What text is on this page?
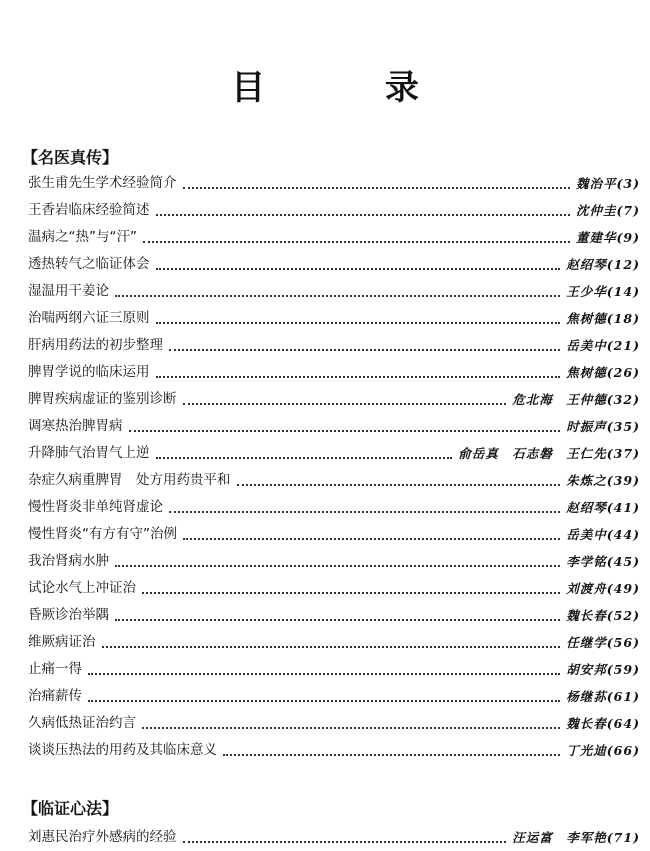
目 录
【名医真传】
张生甫先生学术经验简介	魏治平(3)
王香岩临床经验简述	沈仲圭(7)
温病之“热”与“汗”	董建华(9)
透热转气之临证体会	赵绍琴(12)
湿温用干姜论	王少华(14)
治喘两纲六证三原则	焦树德(18)
肝病用药法的初步整理	岳美中(21)
脾胃学说的临床运用	焦树德(26)
脾胃疾病虚证的鉴别诊断	危北海　王仲德(32)
调寒热治脾胃病	时振声(35)
升降肺气治胃气上逆	俞岳真　石志磐　王仁先(37)
杂症久病重脾胃　处方用药贵平和	朱炼之(39)
慢性肾炎非单纯肾虚论	赵绍琴(41)
慢性肾炎“有方有守”治例	岳美中(44)
我治肾病水肿	李学铭(45)
试论水气上冲证治	刘渡舟(49)
昏厥诊治举隅	魏长春(52)
维厥病证治	任继学(56)
止痛一得	胡安邦(59)
治痛薪传	杨继荪(61)
久病低热证治约言	魏长春(64)
谈谈压热法的用药及其临床意义	丁光迪(66)
【临证心法】
刘惠民治疗外感病的经验	汪运富　李军艳(71)
